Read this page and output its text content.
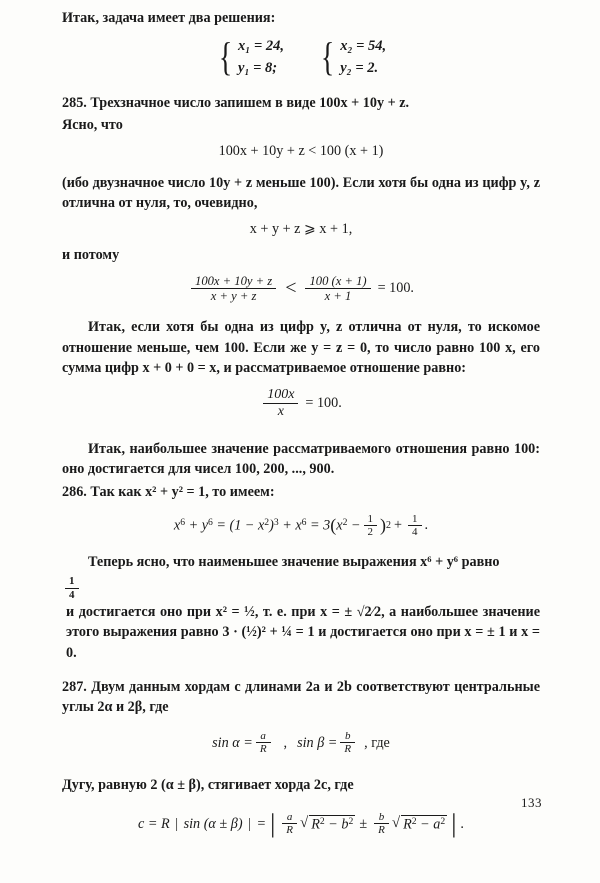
Итак, задача имеет два решения:

{ x₁ = 24,
y₁ = 8; { x₂ = 54,
y₂ = 2.

285. Трехзначное число запишем в виде 100x + 10y + z.

Ясно, что

100x + 10y + z < 100 (x + 1)

(ибо двузначное число 10y + z меньше 100). Если хотя бы одна из цифр y, z отлична от нуля, то, очевидно,

x + y + z ⩾ x + 1,

и потому

$\frac{100x + 10y + z}{x + y + z} < \frac{100 (x + 1)}{x + 1} = 100$.

Итак, если хотя бы одна из цифр y, z отлична от нуля, то искомое отношение меньше, чем 100. Если же y = z = 0, то число равно 100 x, его сумма цифр x + 0 + 0 = x, и рассматриваемое отношение равно:

$\frac{100x}{x} = 100$.

Итак, наибольшее значение рассматриваемого отношения равно 100: оно достигается для чисел 100, 200, ..., 900.

286. Так как x² + y² = 1, то имеем:

$x^6 + y^6 = (1 - x^2)^3 + x^6 = 3$ ( $x^2 - \frac{1}{2}$ ) $2 + \frac{1}{4}$ .

Теперь ясно, что наименьшее значение выражения x⁶ + y⁶ равно

$\frac{1}{4}$
и достигается оно при x² = ½, т. е. при x = ± √2⁄2, а наибольшее значение этого выражения равно 3 · (½)² + ¼ = 1 и достигается оно при x = ± 1 и x = 0.

287. Двум данным хордам с длинами 2a и 2b соответствуют центральные углы 2α и 2β, где

$\sin \alpha = \frac{a}{R}$ , $\sin \beta = \frac{b}{R}$ , где

Дугу, равную 2 (α ± β), стягивает хорда 2c, где

c = R | sin (α ± β) | = | $\frac{a}{R}$ √ $R^2 - b^2 \pm \frac{b}{R}$ √ $R^2 - a^2$ | .
133
